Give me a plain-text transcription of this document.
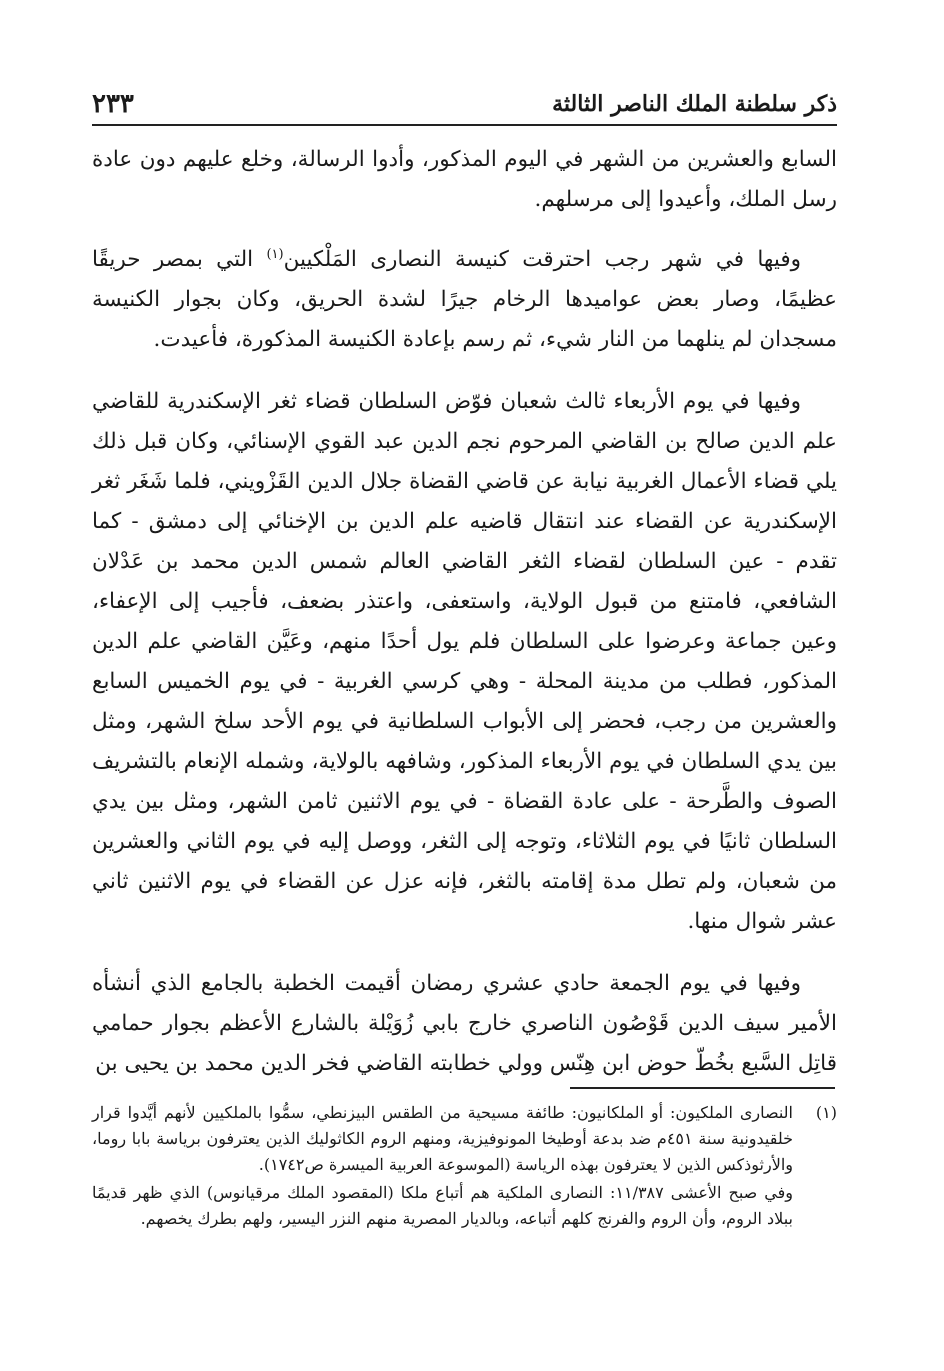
ذكر سلطنة الملك الناصر الثالثة
٢٣٣

السابع والعشرين من الشهر في اليوم المذكور، وأدوا الرسالة، وخلع عليهم دون عادة رسل الملك، وأعيدوا إلى مرسلهم.

وفيها في شهر رجب احترقت كنيسة النصارى المَلْكيين$^{(١)}$ التي بمصر حريقًا عظيمًا، وصار بعض عواميدها الرخام جيرًا لشدة الحريق، وكان بجوار الكنيسة مسجدان لم ينلهما من النار شيء، ثم رسم بإعادة الكنيسة المذكورة، فأعيدت.

وفيها في يوم الأربعاء ثالث شعبان فوّض السلطان قضاء ثغر الإسكندرية للقاضي علم الدين صالح بن القاضي المرحوم نجم الدين عبد القوي الإسنائي، وكان قبل ذلك يلي قضاء الأعمال الغربية نيابة عن قاضي القضاة جلال الدين القَزْويني، فلما شَغَر ثغر الإسكندرية عن القضاء عند انتقال قاضيه علم الدين بن الإخنائي إلى دمشق - كما تقدم - عين السلطان لقضاء الثغر القاضي العالم شمس الدين محمد بن عَدْلان الشافعي، فامتنع من قبول الولاية، واستعفى، واعتذر بضعف، فأجيب إلى الإعفاء، وعين جماعة وعرضوا على السلطان فلم يول أحدًا منهم، وعَيَّن القاضي علم الدين المذكور، فطلب من مدينة المحلة - وهي كرسي الغربية - في يوم الخميس السابع والعشرين من رجب، فحضر إلى الأبواب السلطانية في يوم الأحد سلخ الشهر، ومثل بين يدي السلطان في يوم الأربعاء المذكور، وشافهه بالولاية، وشمله الإنعام بالتشريف الصوف والطَّرحة - على عادة القضاة - في يوم الاثنين ثامن الشهر، ومثل بين يدي السلطان ثانيًا في يوم الثلاثاء، وتوجه إلى الثغر، ووصل إليه في يوم الثاني والعشرين من شعبان، ولم تطل مدة إقامته بالثغر، فإنه عزل عن القضاء في يوم الاثنين ثاني عشر شوال منها.

وفيها في يوم الجمعة حادي عشري رمضان أقيمت الخطبة بالجامع الذي أنشأه الأمير سيف الدين قَوْصُون الناصري خارج بابي زُوَيْلة بالشارع الأعظم بجوار حمامي قاتِل السَّبع بخُطّ حوض ابن هِنّس وولي خطابته القاضي فخر الدين محمد بن يحيى بن

(١)

النصارى الملكيون: أو الملكانيون: طائفة مسيحية من الطقس البيزنطي، سمُّوا بالملكيين لأنهم أيَّدوا قرار خلقيدونية سنة ٤٥١م ضد بدعة أوطيخا المونوفيزية، ومنهم الروم الكاثوليك الذين يعترفون برياسة بابا روما، والأرثوذكس الذين لا يعترفون بهذه الرياسة (الموسوعة العربية الميسرة ص١٧٤٢).

وفي صبح الأعشى ١١/٣٨٧: النصارى الملكية هم أتباع ملكا (المقصود الملك مرقيانوس) الذي ظهر قديمًا ببلاد الروم، وأن الروم والفرنج كلهم أتباعه، وبالديار المصرية منهم النزر اليسير، ولهم بطرك يخصهم.
